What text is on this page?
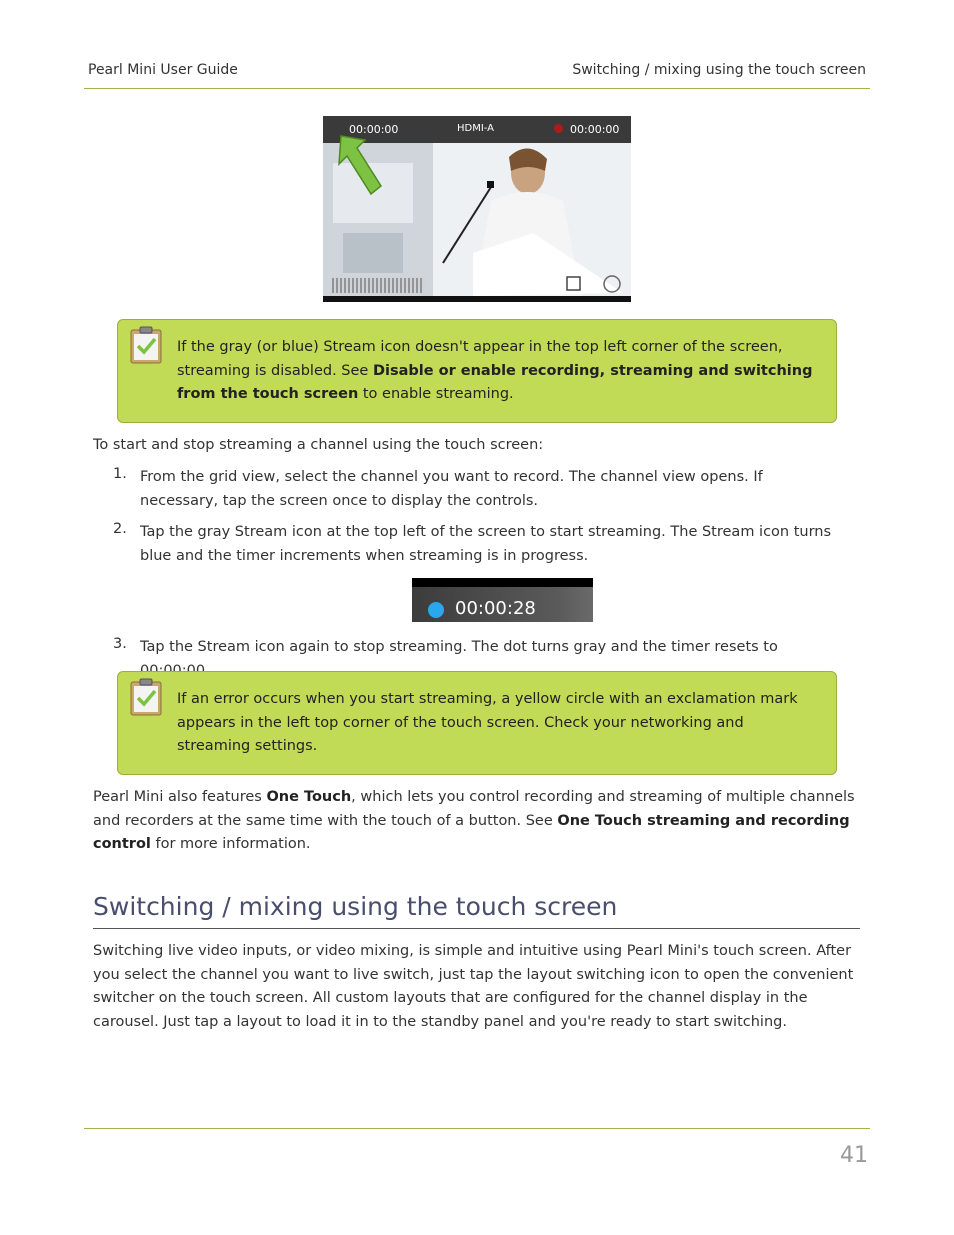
Pearl Mini User Guide	Switching / mixing using the touch screen
00:00:00	HDMI-A	00:00:00
If the gray (or blue) Stream icon doesn't appear in the top left corner of the screen, streaming is disabled. See Disable or enable recording, streaming and switching from the touch screen to enable streaming.
To start and stop streaming a channel using the touch screen:
1. From the grid view, select the channel you want to record. The channel view opens. If necessary, tap the screen once to display the controls.
2. Tap the gray Stream icon at the top left of the screen to start streaming. The Stream icon turns blue and the timer increments when streaming is in progress.
00:00:28
3. Tap the Stream icon again to stop streaming. The dot turns gray and the timer resets to
If an error occurs when you start streaming, a yellow circle with an exclamation mark appears in the left top corner of the touch screen. Check your networking and streaming settings.
Pearl Mini also features One Touch, which lets you control recording and streaming of multiple channels and recorders at the same time with the touch of a button. See One Touch streaming and recording control for more information.
Switching / mixing using the touch screen
Switching live video inputs, or video mixing, is simple and intuitive using Pearl Mini's touch screen. After you select the channel you want to live switch, just tap the layout switching icon to open the convenient switcher on the touch screen. All custom layouts that are configured for the channel display in the carousel. Just tap a layout to load it in to the standby panel and you're ready to start switching.
41
